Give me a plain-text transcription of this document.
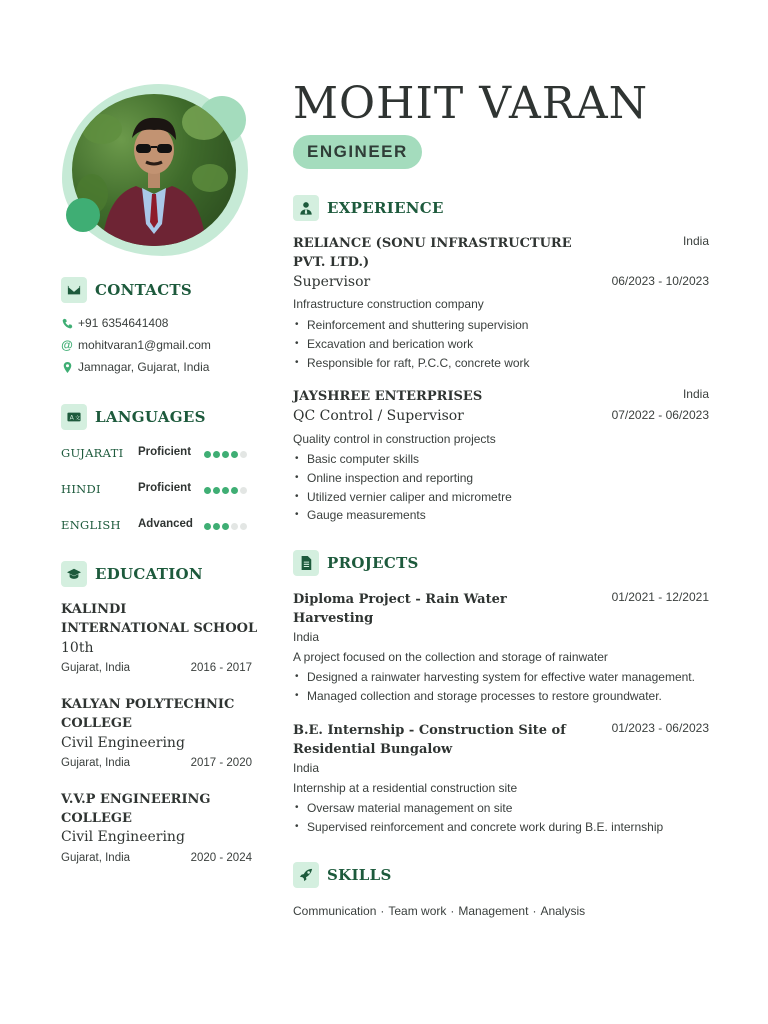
CONTACTS
+91 6354641408
@ mohitvaran1@gmail.com
Jamnagar, Gujarat, India
A 文 LANGUAGES
GUJARATI Proficient
HINDI	Proficient
ENGLISH Advanced
EDUCATION
KALINDI
INTERNATIONAL SCHOOL
10th
Gujarat, India	2016 - 2017
KALYAN POLYTECHNIC
COLLEGE
Civil Engineering
Gujarat, India	2017 - 2020
V.V.P ENGINEERING
COLLEGE
Civil Engineering
Gujarat, India	2020 - 2024
MOHIT VARAN
ENGINEER
EXPERIENCE
RELIANCE (SONU INFRASTRUCTURE
PVT. LTD.)
India
Supervisor	06/2023 - 10/2023
Infrastructure construction company
• Reinforcement and shuttering supervision
• Excavation and berication work
• Responsible for raft, P.C.C, concrete work
JAYSHREE ENTERPRISES	India
QC Control / Supervisor	07/2022 - 06/2023
Quality control in construction projects
• Basic computer skills
• Online inspection and reporting
• Utilized vernier caliper and micrometre
• Gauge measurements
PROJECTS
Diploma Project - Rain Water
Harvesting
01/2021 - 12/2021
India
A project focused on the collection and storage of rainwater
• Designed a rainwater harvesting system for effective water management.
• Managed collection and storage processes to restore groundwater.
B.E. Internship - Construction Site of
Residential Bungalow
01/2023 - 06/2023
India
Internship at a residential construction site
• Oversaw material management on site
• Supervised reinforcement and concrete work during B.E. internship
SKILLS
Communication · Team work · Management · Analysis
